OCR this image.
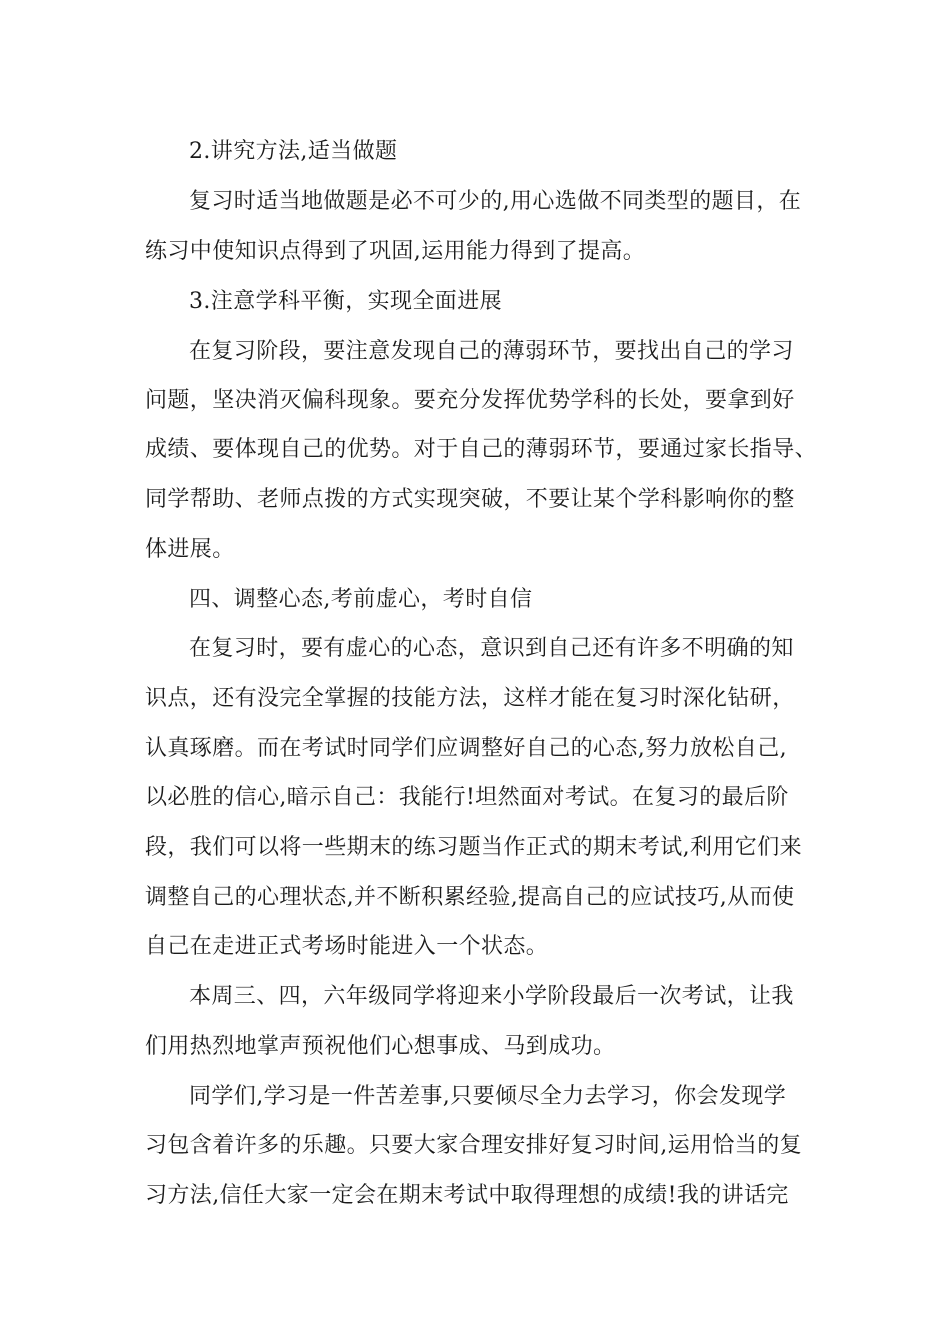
2.讲究方法,适当做题

复习时适当地做题是必不可少的,用心选做不同类型的题目，在

练习中使知识点得到了巩固,运用能力得到了提高。

3.注意学科平衡，实现全面进展

在复习阶段，要注意发现自己的薄弱环节，要找出自己的学习

问题，坚决消灭偏科现象。要充分发挥优势学科的长处，要拿到好

成绩、要体现自己的优势。对于自己的薄弱环节，要通过家长指导、

同学帮助、老师点拨的方式实现突破，不要让某个学科影响你的整

体进展。

四、调整心态,考前虚心，考时自信

在复习时，要有虚心的心态，意识到自己还有许多不明确的知

识点，还有没完全掌握的技能方法，这样才能在复习时深化钻研，

认真琢磨。而在考试时同学们应调整好自己的心态,努力放松自己,

以必胜的信心,暗示自己：我能行!坦然面对考试。在复习的最后阶

段，我们可以将一些期末的练习题当作正式的期末考试,利用它们来

调整自己的心理状态,并不断积累经验,提高自己的应试技巧,从而使

自己在走进正式考场时能进入一个状态。

本周三、四，六年级同学将迎来小学阶段最后一次考试，让我

们用热烈地掌声预祝他们心想事成、马到成功。

同学们,学习是一件苦差事,只要倾尽全力去学习，你会发现学

习包含着许多的乐趣。只要大家合理安排好复习时间,运用恰当的复

习方法,信任大家一定会在期末考试中取得理想的成绩!我的讲话完
